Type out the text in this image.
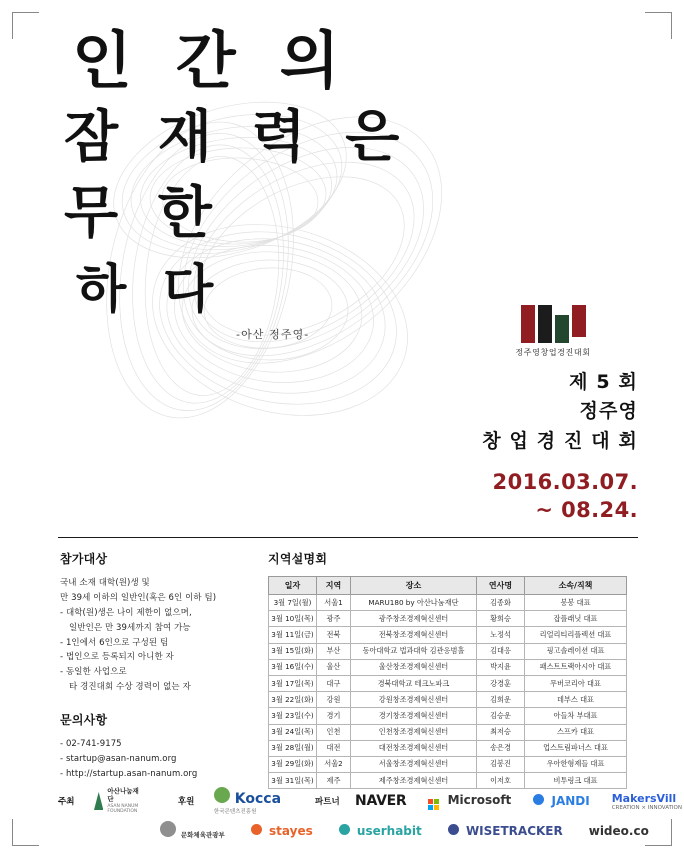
인 간 의
잠 재 력 은
무 한
하 다
-아산 정주영-
정주영창업경진대회
제 5 회
정주영
창 업 경 진 대 회
2016.03.07.
~ 08.24.
참가대상
국내 소재 대학(원)생 및
만 39세 이하의 일반인(혹은 6인 이하 팀)
- 대학(원)생은 나이 제한이 없으며,
일반인은 만 39세까지 참여 가능
- 1인에서 6인으로 구성된 팀
- 법인으로 등록되지 아니한 자
- 동일한 사업으로
타 경진대회 수상 경력이 없는 자
문의사항
- 02-741-9175
- startup@asan-nanum.org
- http://startup.asan-nanum.org
지역설명회
일자	지역	장소	연사명	소속/직책
3월 7일(월)	서울1	MARU180 by 아산나눔재단	김종화	봉봉 대표
3월 10일(목)	광주	광주창조경제혁신센터	황희승	잡플래닛 대표
3월 11일(금)	전북	전북창조경제혁신센터	노정석	리얼리티리플렉션 대표
3월 15일(화)	부산	동아대학교 법과대학 김관응범홀	김대응	핑고솔레이션 대표
3월 16일(수)	울산	울산창조경제혁신센터	박지윤	패스트트랙아시아 대표
3월 17일(목)	대구	경북대학교 테크노파크	강경훈	무버코리아 대표
3월 22일(화)	강원	강원창조경제혁신센터	김희운	데부스 대표
3월 23일(수)	경기	경기창조경제혁신센터	김승운	아들차 부대표
3월 24일(목)	인천	인천창조경제혁신센터	최저승	스프카 대표
3월 28일(월)	대전	대전창조경제혁신센터	송은경	업스트림파너스 대표
3월 29일(화)	서울2	서울창조경제혁신센터	김봉진	우아한형제들 대표
3월 31일(목)	제주	제주창조경제혁신센터	이저호	비투링크 대표
주최
아산나눔재단
ASAN NANUM FOUNDATION
후원	Kocca
한국콘텐츠진흥원
파트너	NAVER	Microsoft	JANDI MakersVill
CREATION × INNOVATION
문화체육관광부	stayes	userhabit	WISETRACKER wideo.co
